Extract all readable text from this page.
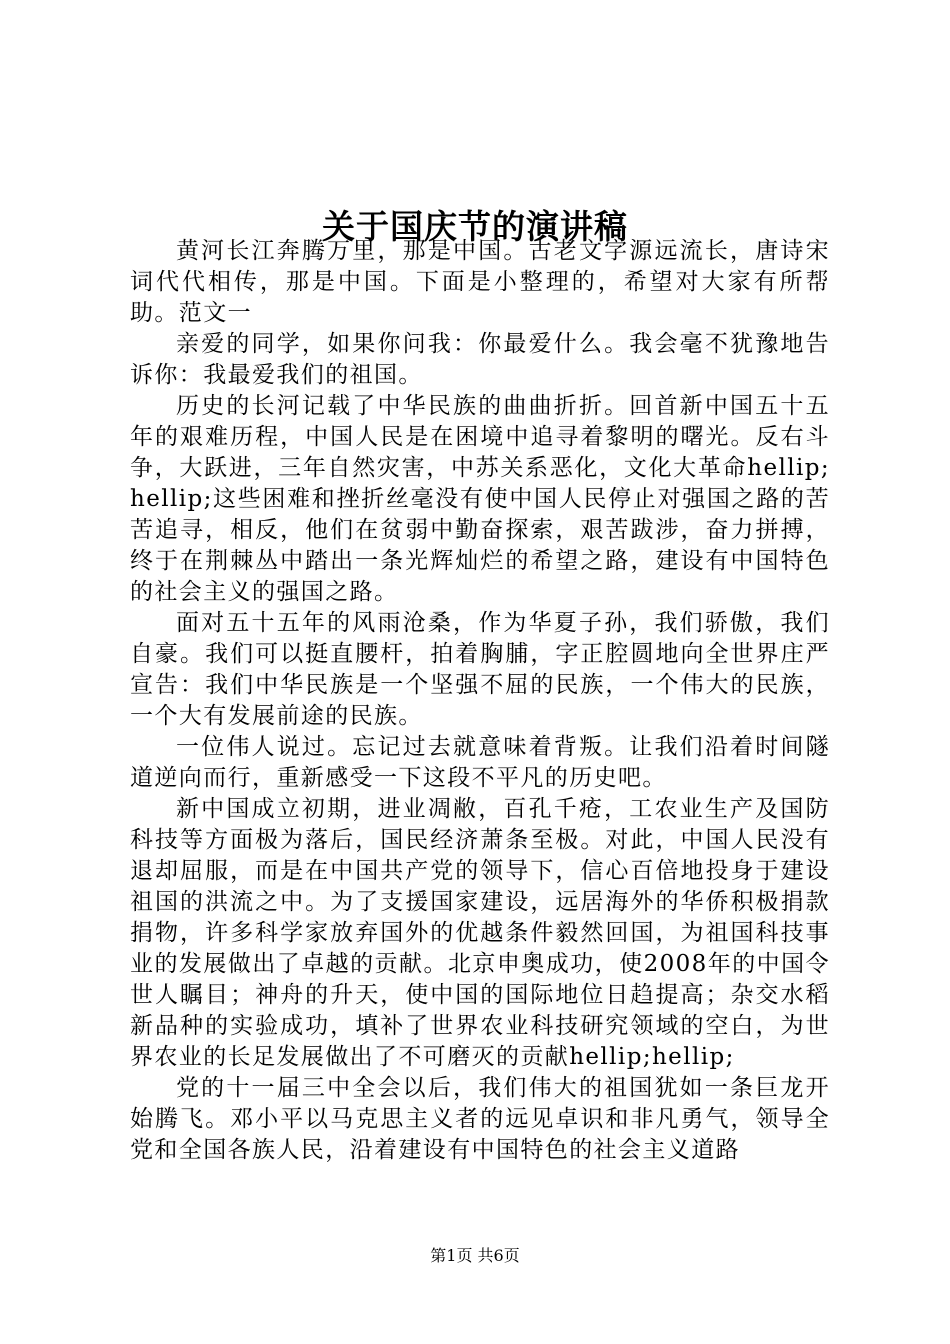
关于国庆节的演讲稿

黄河长江奔腾万里，那是中国。古老文字源远流长，唐诗宋词代代相传，那是中国。下面是小整理的，希望对大家有所帮助。范文一

亲爱的同学，如果你问我：你最爱什么。我会毫不犹豫地告诉你：我最爱我们的祖国。

历史的长河记载了中华民族的曲曲折折。回首新中国五十五年的艰难历程，中国人民是在困境中追寻着黎明的曙光。反右斗争，大跃进，三年自然灾害，中苏关系恶化，文化大革命hellip;hellip;这些困难和挫折丝毫没有使中国人民停止对强国之路的苦苦追寻，相反，他们在贫弱中勤奋探索，艰苦跋涉，奋力拼搏，终于在荆棘丛中踏出一条光辉灿烂的希望之路，建设有中国特色的社会主义的强国之路。

面对五十五年的风雨沧桑，作为华夏子孙，我们骄傲，我们自豪。我们可以挺直腰杆，拍着胸脯，字正腔圆地向全世界庄严宣告：我们中华民族是一个坚强不屈的民族，一个伟大的民族，一个大有发展前途的民族。

一位伟人说过。忘记过去就意味着背叛。让我们沿着时间隧道逆向而行，重新感受一下这段不平凡的历史吧。

新中国成立初期，进业凋敝，百孔千疮，工农业生产及国防科技等方面极为落后，国民经济萧条至极。对此，中国人民没有退却屈服，而是在中国共产党的领导下，信心百倍地投身于建设祖国的洪流之中。为了支援国家建设，远居海外的华侨积极捐款捐物，许多科学家放弃国外的优越条件毅然回国，为祖国科技事业的发展做出了卓越的贡献。北京申奥成功，使2008年的中国令世人瞩目；神舟的升天，使中国的国际地位日趋提高；杂交水稻新品种的实验成功，填补了世界农业科技研究领域的空白，为世界农业的长足发展做出了不可磨灭的贡献hellip;hellip;

党的十一届三中全会以后，我们伟大的祖国犹如一条巨龙开始腾飞。邓小平以马克思主义者的远见卓识和非凡勇气，领导全党和全国各族人民，沿着建设有中国特色的社会主义道路

第1页 共6页
